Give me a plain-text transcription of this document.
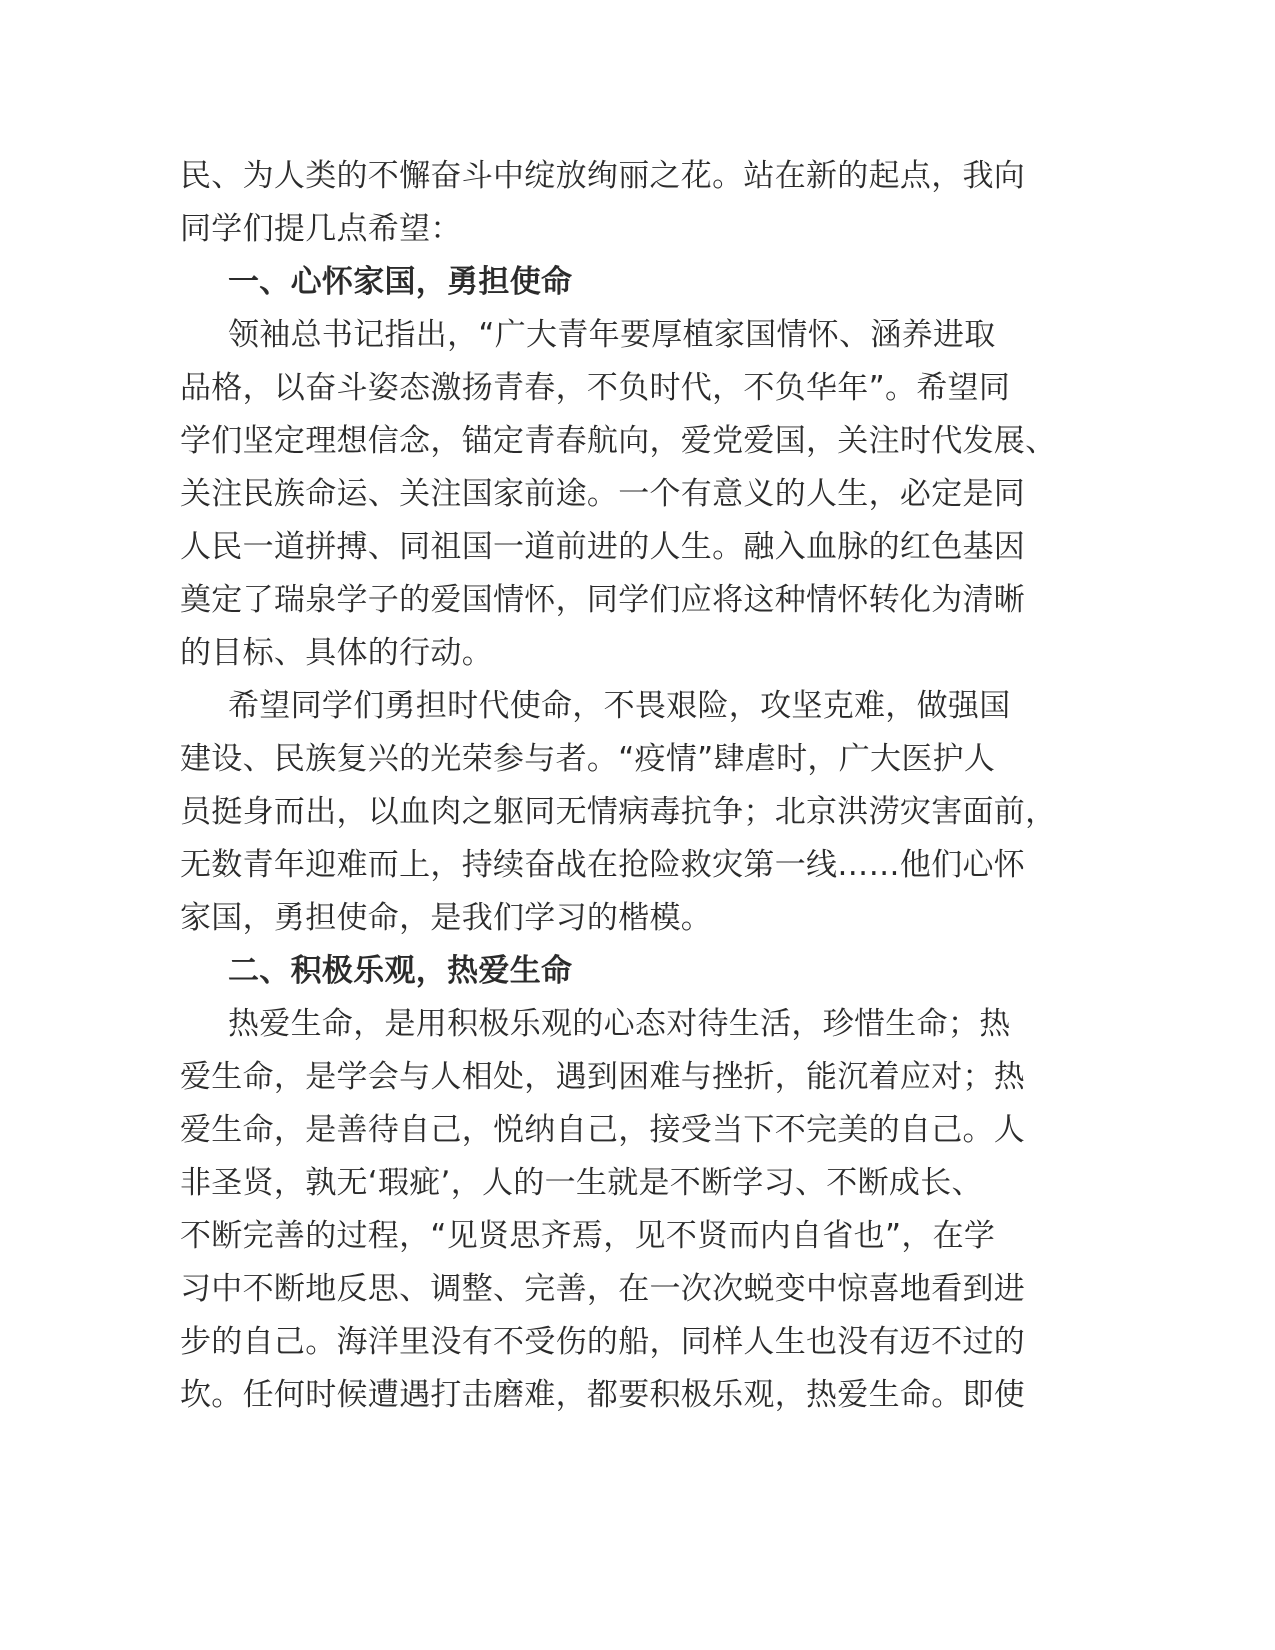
民、为人类的不懈奋斗中绽放绚丽之花。站在新的起点，我向
同学们提几点希望：
一、心怀家国，勇担使命
领袖总书记指出，“广大青年要厚植家国情怀、涵养进取
品格，以奋斗姿态激扬青春，不负时代，不负华年”。希望同
学们坚定理想信念，锚定青春航向，爱党爱国，关注时代发展、
关注民族命运、关注国家前途。一个有意义的人生，必定是同
人民一道拼搏、同祖国一道前进的人生。融入血脉的红色基因
奠定了瑞泉学子的爱国情怀，同学们应将这种情怀转化为清晰
的目标、具体的行动。
希望同学们勇担时代使命，不畏艰险，攻坚克难，做强国
建设、民族复兴的光荣参与者。“疫情”肆虐时，广大医护人
员挺身而出，以血肉之躯同无情病毒抗争；北京洪涝灾害面前，
无数青年迎难而上，持续奋战在抢险救灾第一线……他们心怀
家国，勇担使命，是我们学习的楷模。
二、积极乐观，热爱生命
热爱生命，是用积极乐观的心态对待生活，珍惜生命；热
爱生命，是学会与人相处，遇到困难与挫折，能沉着应对；热
爱生命，是善待自己，悦纳自己，接受当下不完美的自己。人
非圣贤，孰无‘瑕疵’，人的一生就是不断学习、不断成长、
不断完善的过程，“见贤思齐焉，见不贤而内自省也”，在学
习中不断地反思、调整、完善，在一次次蜕变中惊喜地看到进
步的自己。海洋里没有不受伤的船，同样人生也没有迈不过的
坎。任何时候遭遇打击磨难，都要积极乐观，热爱生命。即使
